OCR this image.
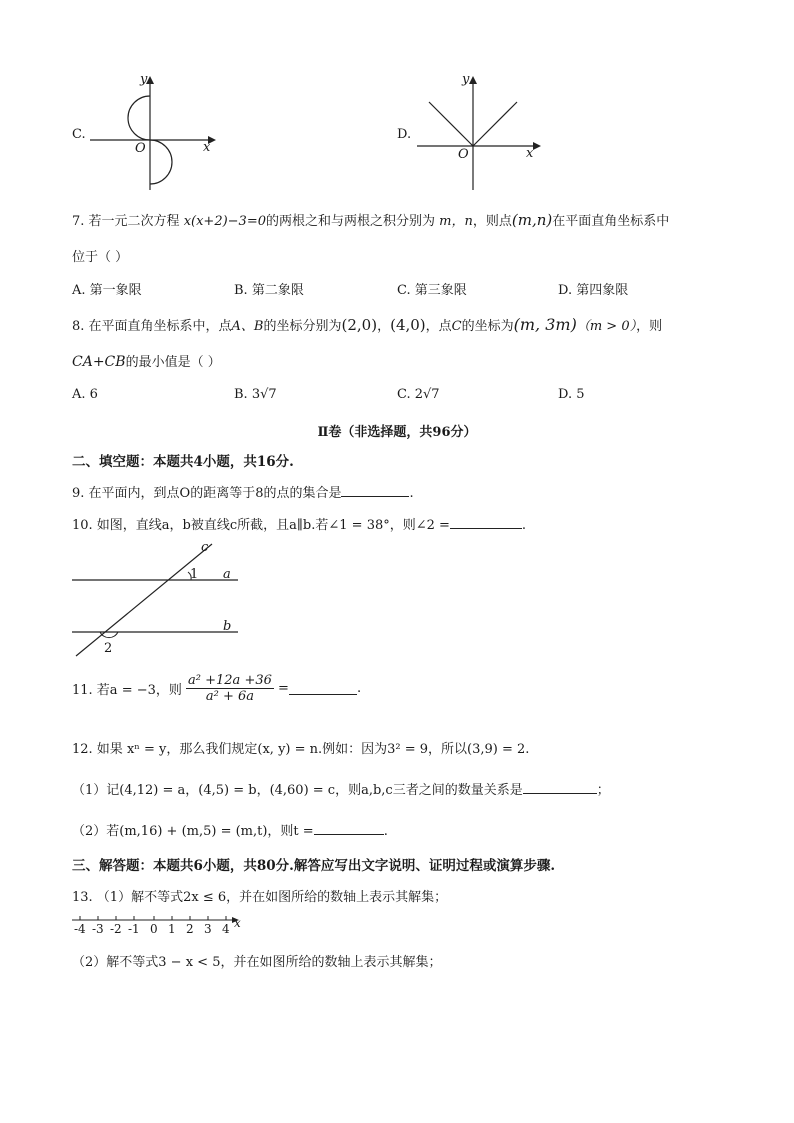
C.
y
x
O
D.
y
x
O
7. 若一元二次方程 x(x+2)−3=0的两根之和与两根之积分别为 m，n，则点(m,n)在平面直角坐标系中
位于（ ）
A. 第一象限	B. 第二象限	C. 第三象限	D. 第四象限
8. 在平面直角坐标系中，点A、B的坐标分别为(2,0)，(4,0)，点C的坐标为(m, 3m)（m > 0），则
CA+CB的最小值是（ ）
A. 6	B. 3√7	C. 2√7	D. 5
Ⅱ卷（非选择题，共96分）
二、填空题：本题共4小题，共16分.
9. 在平面内，到点O的距离等于8的点的集合是	.
10. 如图，直线a，b被直线c所截，且a∥b.若∠1 = 38°，则∠2 =	.
c
1 a
b
2
11. 若a = −3，则 $\frac{\text{a² +12a +36}}{\text{a² + 6a}}$ =	.
12. 如果 xⁿ = y，那么我们规定(x, y) = n.例如：因为3² = 9，所以(3,9) = 2.
（1）记(4,12) = a，(4,5) = b，(4,60) = c，则a,b,c三者之间的数量关系是	；
（2）若(m,16) + (m,5) = (m,t)，则t =	.
三、解答题：本题共6小题，共80分.解答应写出文字说明、证明过程或演算步骤.
13. （1）解不等式2x ≤ 6，并在如图所给的数轴上表示其解集；
-4 -3 -2 -1 0 1 2 3 4 x
（2）解不等式3 − x < 5，并在如图所给的数轴上表示其解集；
